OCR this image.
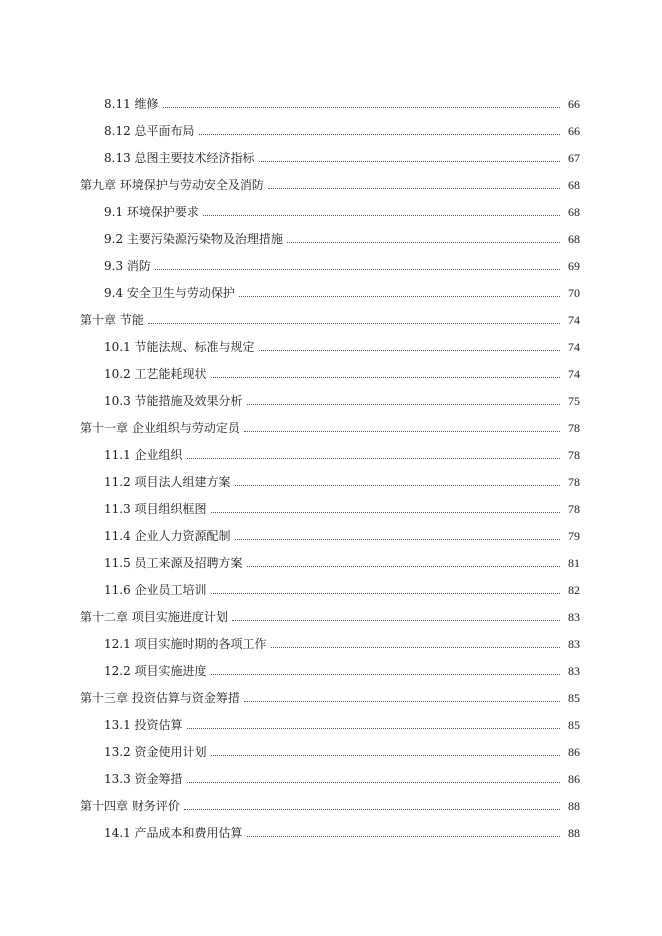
8.11 维修	66
8.12 总平面布局	66
8.13 总图主要技术经济指标	67
第九章 环境保护与劳动安全及消防	68
9.1 环境保护要求	68
9.2 主要污染源污染物及治理措施	68
9.3 消防	69
9.4 安全卫生与劳动保护	70
第十章 节能	74
10.1 节能法规、标准与规定	74
10.2 工艺能耗现状	74
10.3 节能措施及效果分析	75
第十一章 企业组织与劳动定员	78
11.1 企业组织	78
11.2 项目法人组建方案	78
11.3 项目组织框图	78
11.4 企业人力资源配制	79
11.5 员工来源及招聘方案	81
11.6 企业员工培训	82
第十二章 项目实施进度计划	83
12.1 项目实施时期的各项工作	83
12.2 项目实施进度	83
第十三章 投资估算与资金筹措	85
13.1 投资估算	85
13.2 资金使用计划	86
13.3 资金筹措	86
第十四章 财务评价	88
14.1 产品成本和费用估算	88
